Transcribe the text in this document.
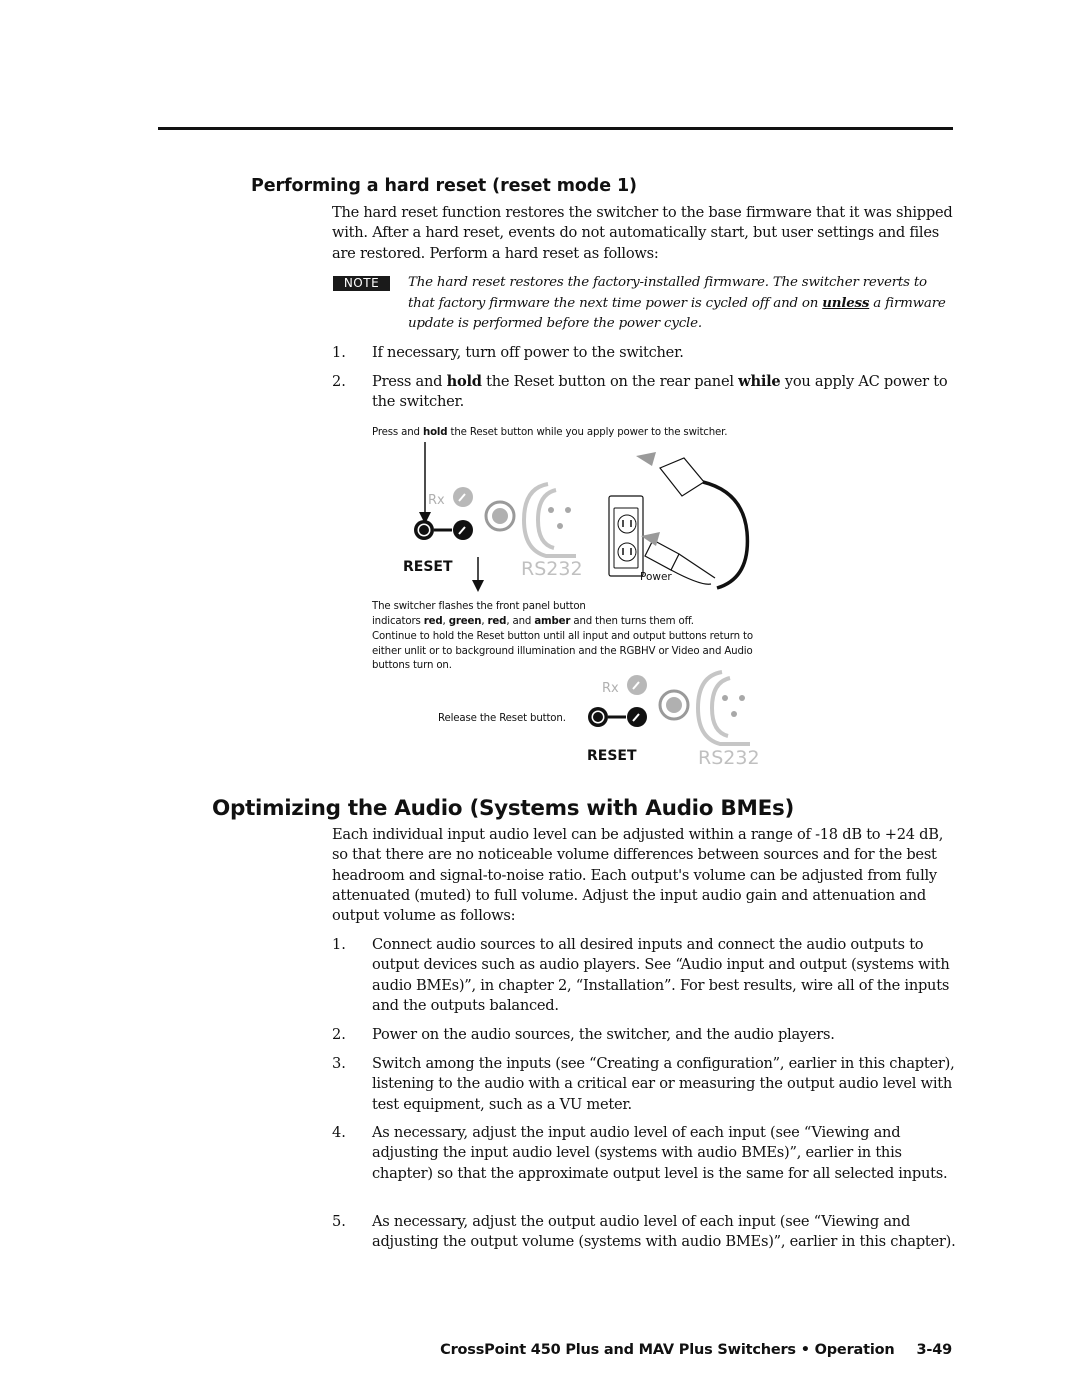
Performing a hard reset (reset mode 1)

The hard reset function restores the switcher to the base firmware that it was shipped with. After a hard reset, events do not automatically start, but user settings and files are restored. Perform a hard reset as follows:

NOTE	The hard reset restores the factory-installed firmware. The switcher reverts to that factory firmware the next time power is cycled off and on unless a firmware update is performed before the power cycle.

1. If necessary, turn off power to the switcher.

2. Press and hold the Reset button on the rear panel while you apply AC power to the switcher.

Press and hold the Reset button while you apply power to the switcher.

The switcher flashes the front panel button
indicators red, green, red, and amber and then turns them off.

Continue to hold the Reset button until all input and output buttons return to either unlit or to background illumination and the RGBHV or Video and Audio buttons turn on.

Release the Reset button.

Rx
RESET	RS232	Power
Rx
RESET	RS232
Optimizing the Audio (Systems with Audio BMEs)

Each individual input audio level can be adjusted within a range of -18 dB to +24 dB, so that there are no noticeable volume differences between sources and for the best headroom and signal-to-noise ratio. Each output's volume can be adjusted from fully attenuated (muted) to full volume. Adjust the input audio gain and attenuation and output volume as follows:

1. Connect audio sources to all desired inputs and connect the audio outputs to output devices such as audio players. See “Audio input and output (systems with audio BMEs)”, in chapter 2, “Installation”. For best results, wire all of the inputs and the outputs balanced.

2. Power on the audio sources, the switcher, and the audio players.

3. Switch among the inputs (see “Creating a configuration”, earlier in this chapter), listening to the audio with a critical ear or measuring the output audio level with test equipment, such as a VU meter.

4. As necessary, adjust the input audio level of each input (see “Viewing and adjusting the input audio level (systems with audio BMEs)”, earlier in this chapter) so that the approximate output level is the same for all selected inputs.

5. As necessary, adjust the output audio level of each input (see “Viewing and adjusting the output volume (systems with audio BMEs)”, earlier in this chapter).

CrossPoint 450 Plus and MAV Plus Switchers • Operation 3-49
